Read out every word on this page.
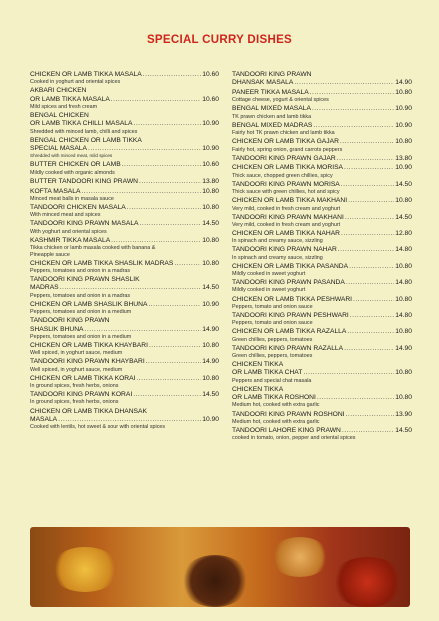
SPECIAL CURRY DISHES
CHICKEN OR LAMB TIKKA MASALA .....	10.60
Cooked in yoghurt and oriental spices
AKBARI CHICKEN
OR LAMB TIKKA MASALA .....	10.60
Mild spices and fresh cream
BENGAL CHICKEN
OR LAMB TIKKA CHILLI MASALA .....	10.90
Shredded with minced lamb, chilli and spices
BENGAL CHICKEN OR LAMB TIKKA
SPECIAL MASALA .....	10.90
Shredded with minced meat, mild spices
BUTTER CHICKEN OR LAMB .....	10.60
Mildly cooked with organic almonds
BUTTER TANDOORI KING PRAWN .....	13.80
KOFTA MASALA .....	10.80
Minced meat balls in masala sauce
TANDOORI CHICKEN MASALA .....	10.80
With minced meat and spices
TANDOORI KING PRAWN MASALA .....	14.50
With yoghurt and oriental spices
KASHMIR TIKKA MASALA .....	10.80
Tikka chicken or lamb masala cooked with banana &
Pineapple sauce
CHICKEN OR LAMB TIKKA SHASLIK MADRAS .....	10.80
Peppers, tomatoes and onion in a madras
TANDOORI KING PRAWN SHASLIK
MADRAS .....	14.50
Peppers, tomatoes and onion in a madras
CHICKEN OR LAMB SHASLIK BHUNA .....	10.90
Peppers, tomatoes and onion in a medium
TANDOORI KING PRAWN
SHASLIK BHUNA .....	14.90
Peppers, tomatoes and onion in a medium
CHICKEN OR LAMB TIKKA KHAYBARI .....	10.80
Well spiced, in yoghurt sauce, medium
TANDOORI KING PRAWN KHAYBARI .....	14.90
Well spiced, in yoghurt sauce, medium
CHICKEN OR LAMB TIKKA KORAI .....	10.80
In ground spices, fresh herbs, onions
TANDOORI KING PRAWN KORAI .....	14.50
In ground spices, fresh herbs, onions
CHICKEN OR LAMB TIKKA DHANSAK
MASALA .....	10.90
Cooked with lentils, hot sweet & sour with oriental spices
TANDOORI KING PRAWN
DHANSAK MASALA .....	14.90
PANEER TIKKA MASALA .....	10.80
Cottage cheese, yogurt & oriental spices
BENGAL MIXED MASALA .....	10.90
TK prawn chicken and lamb tikka
BENGAL MIXED MADRAS .....	10.90
Fairly hot TK prawn chicken and lamb tikka
CHICKEN OR LAMB TIKKA GAJAR .....	10.80
Fairly hot, spring onion, grand carrots peppers
TANDOORI KING PRAWN GAJAR .....	13.80
CHICKEN OR LAMB TIKKA MORISA .....	10.90
Thick sauce, chopped green chillies, spicy
TANDOORI KING PRAWN MORISA .....	14.50
Thick sauce with green chillies, hot and spicy
CHICKEN OR LAMB TIKKA MAKHANI .....	10.80
Very mild, cooked in fresh cream and yoghurt
TANDOORI KING PRAWN MAKHANI .....	14.50
Very mild, cooked in fresh cream and yoghurt
CHICKEN OR LAMB TIKKA NAHAR .....	12.80
In spinach and creamy sauce, sizzling
TANDOORI KING PRAWN NAHAR .....	14.80
In spinach and creamy sauce, sizzling
CHICKEN OR LAMB TIKKA PASANDA .....	10.80
Mildly cooked in sweet yoghurt
TANDOORI KING PRAWN PASANDA .....	14.80
Mildly cooked in sweet yoghurt
CHICKEN OR LAMB TIKKA PESHWARI .....	10.80
Peppers, tomato and onion sauce
TANDOORI KING PRAWN PESHWARI .....	14.80
Peppers, tomato and onion sauce
CHICKEN OR LAMB TIKKA RAZALLA .....	10.80
Green chillies, peppers, tomatoes
TANDOORI KING PRAWN RAZALLA .....	14.90
Green chillies, peppers, tomatoes
CHICKEN TIKKA
OR LAMB TIKKA CHAT .....	10.80
Peppers and special chat masala
CHICKEN TIKKA
OR LAMB TIKKA ROSHONI .....	10.80
Medium hot, cooked with extra garlic
TANDOORI KING PRAWN ROSHONI .....	13.90
Medium hot, cooked with extra garlic
TANDOORI LAHORE KING PRAWN .....	14.50
cooked in tomato, onion, pepper and oriental spices
